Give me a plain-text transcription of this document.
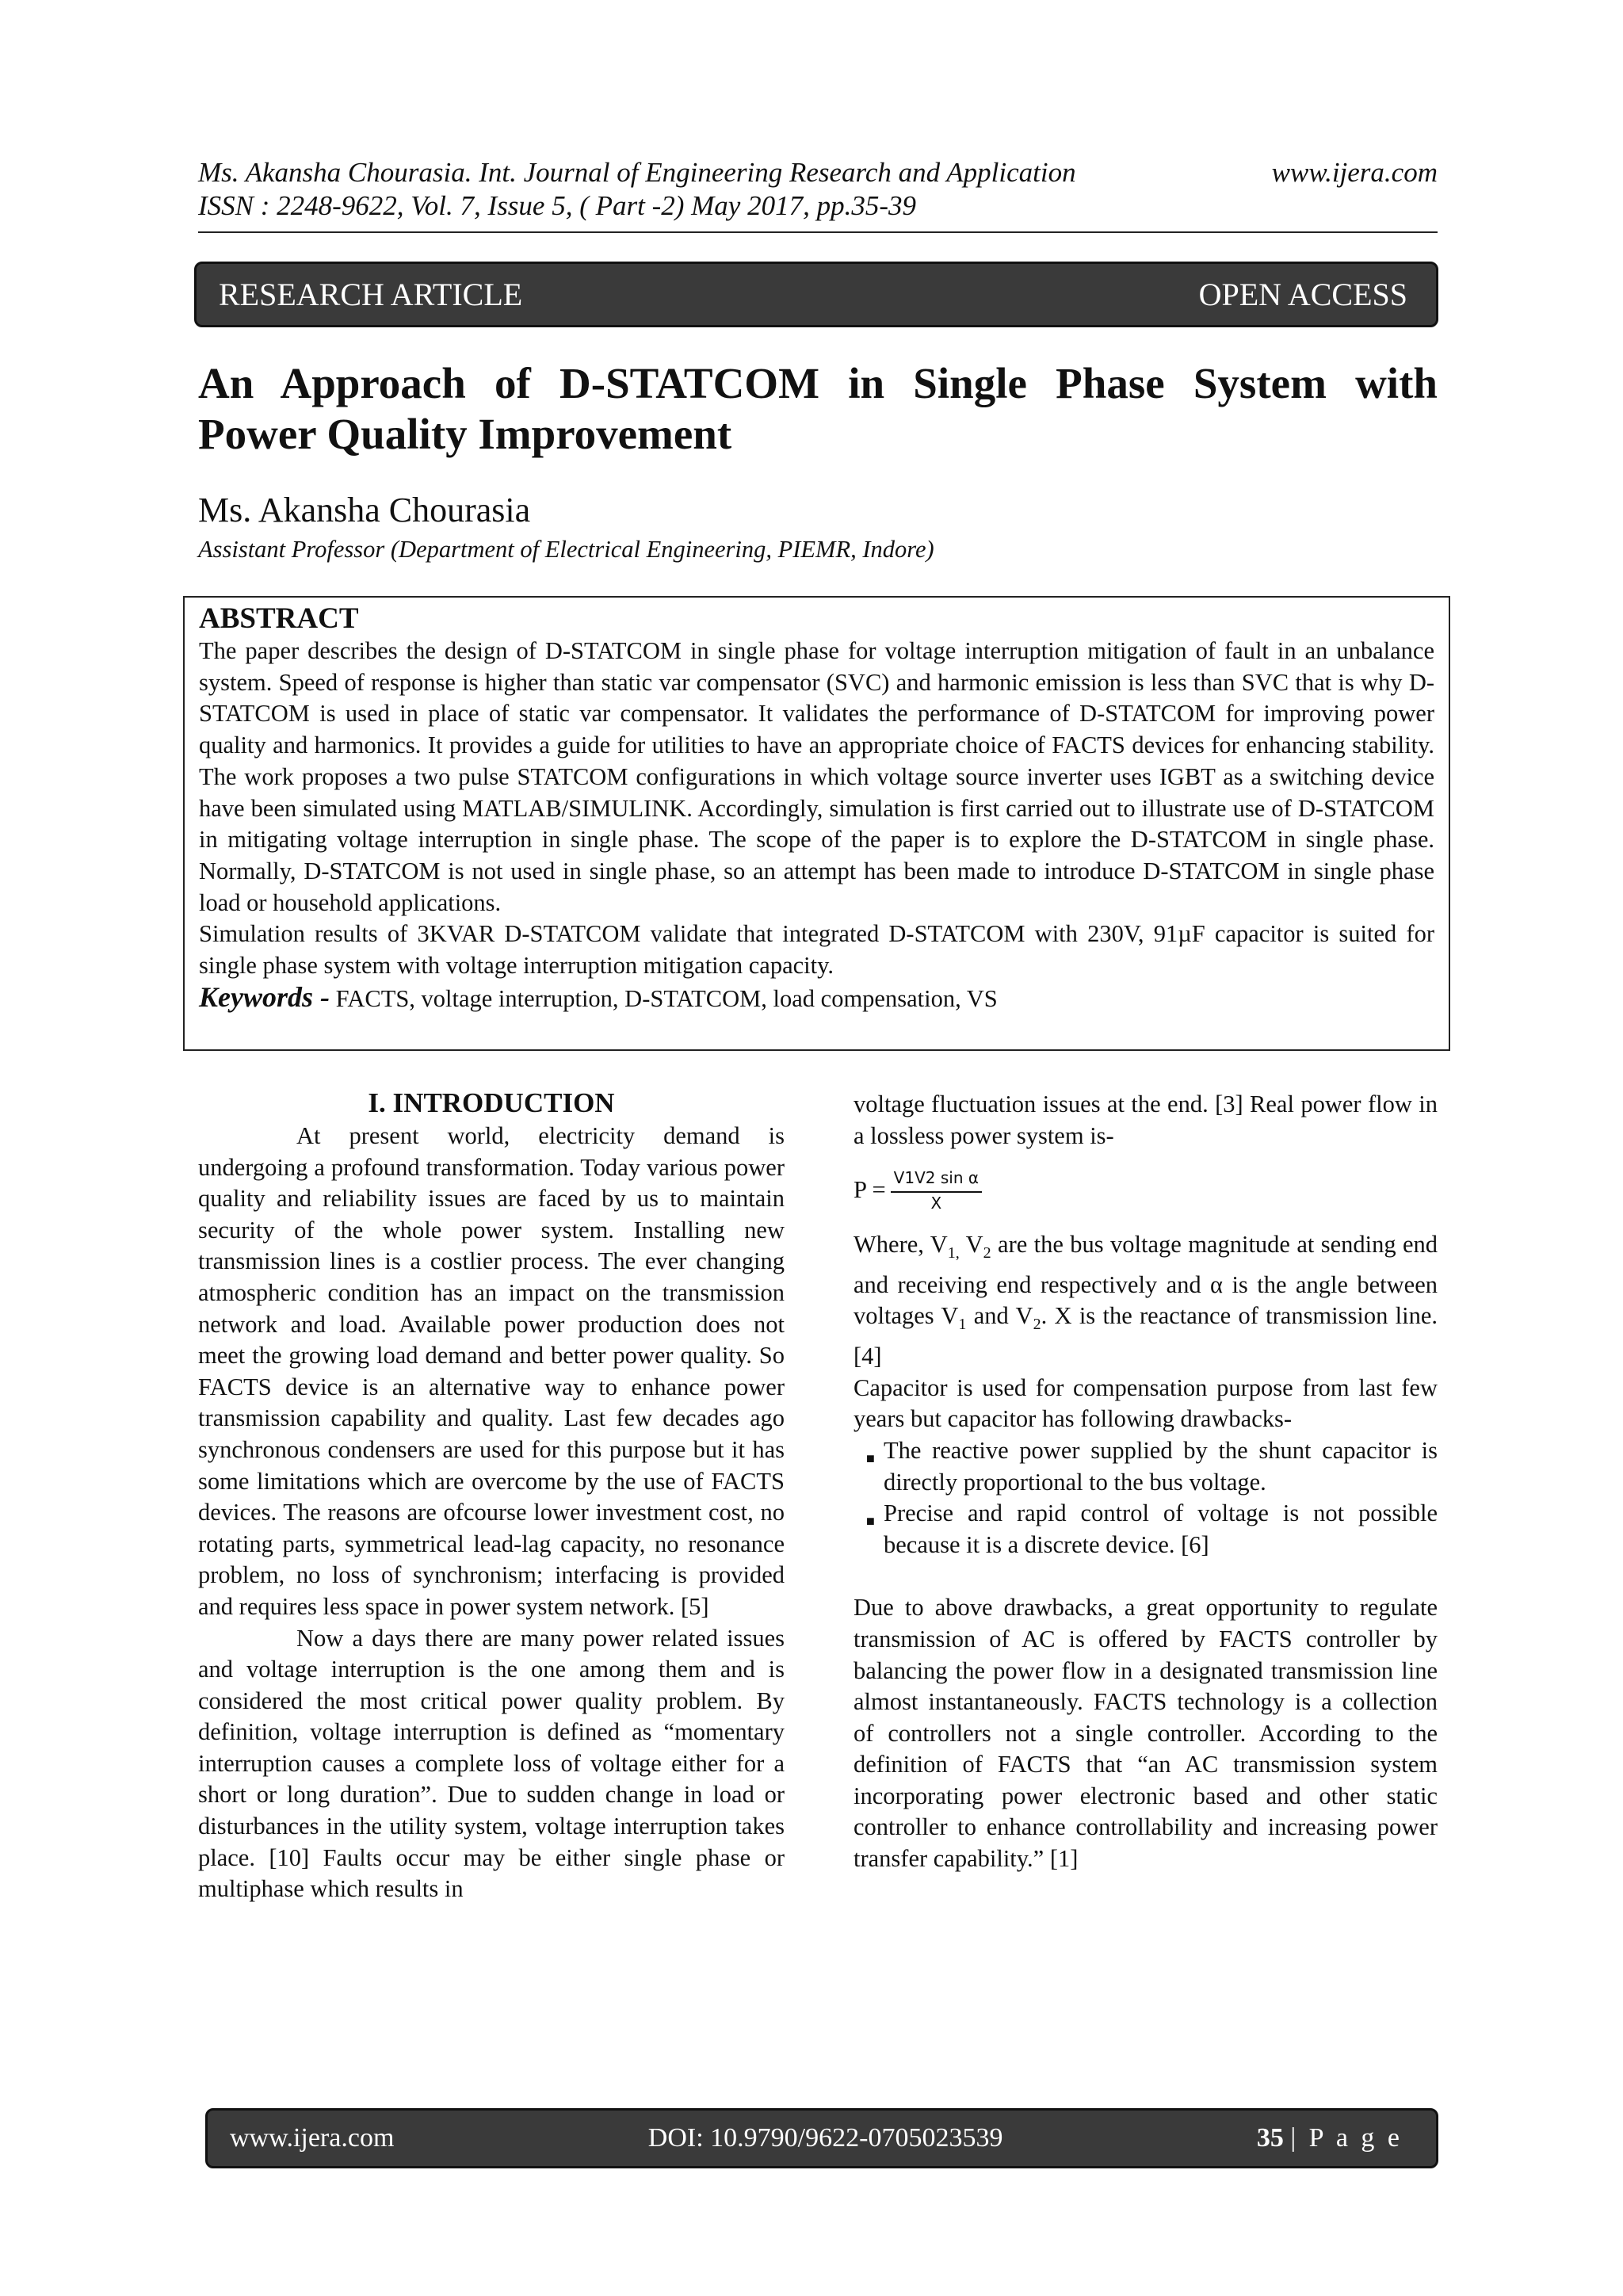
Ms. Akansha Chourasia. Int. Journal of Engineering Research and Application	www.ijera.com
ISSN : 2248-9622, Vol. 7, Issue 5, ( Part -2) May 2017, pp.35-39
RESEARCH ARTICLE	OPEN ACCESS
An Approach of D-STATCOM in Single Phase System with
Power Quality Improvement
Ms. Akansha Chourasia
Assistant Professor (Department of Electrical Engineering, PIEMR, Indore)
ABSTRACT

The paper describes the design of D-STATCOM in single phase for voltage interruption mitigation of fault in an unbalance system. Speed of response is higher than static var compensator (SVC) and harmonic emission is less than SVC that is why D-STATCOM is used in place of static var compensator. It validates the performance of D-STATCOM for improving power quality and harmonics. It provides a guide for utilities to have an appropriate choice of FACTS devices for enhancing stability. The work proposes a two pulse STATCOM configurations in which voltage source inverter uses IGBT as a switching device have been simulated using MATLAB/SIMULINK. Accordingly, simulation is first carried out to illustrate use of D-STATCOM in mitigating voltage interruption in single phase. The scope of the paper is to explore the D-STATCOM in single phase. Normally, D-STATCOM is not used in single phase, so an attempt has been made to introduce D-STATCOM in single phase load or household applications.

Simulation results of 3KVAR D-STATCOM validate that integrated D-STATCOM with 230V, 91µF capacitor is suited for single phase system with voltage interruption mitigation capacity.

Keywords - FACTS, voltage interruption, D-STATCOM, load compensation, VS

I. INTRODUCTION

At present world, electricity demand is undergoing a profound transformation. Today various power quality and reliability issues are faced by us to maintain security of the whole power system. Installing new transmission lines is a costlier process. The ever changing atmospheric condition has an impact on the transmission network and load. Available power production does not meet the growing load demand and better power quality. So FACTS device is an alternative way to enhance power transmission capability and quality. Last few decades ago synchronous condensers are used for this purpose but it has some limitations which are overcome by the use of FACTS devices. The reasons are ofcourse lower investment cost, no rotating parts, symmetrical lead-lag capacity, no resonance problem, no loss of synchronism; interfacing is provided and requires less space in power system network. [5]

Now a days there are many power related issues and voltage interruption is the one among them and is considered the most critical power quality problem. By definition, voltage interruption is defined as “momentary interruption causes a complete loss of voltage either for a short or long duration”. Due to sudden change in load or disturbances in the utility system, voltage interruption takes place. [10] Faults occur may be either single phase or multiphase which results in

voltage fluctuation issues at the end. [3] Real power flow in a lossless power system is-

$P = \frac{\text{V1V2 sin α}}{X}$

Where, $V_{1,}$ $V_2$ are the bus voltage magnitude at sending end and receiving end respectively and α is the angle between voltages $V_1$ and $V_2$. X is the reactance of transmission line. [4]

Capacitor is used for compensation purpose from last few years but capacitor has following drawbacks-

■ The reactive power supplied by the shunt capacitor is directly proportional to the bus voltage.
■ Precise and rapid control of voltage is not possible because it is a discrete device. [6]

Due to above drawbacks, a great opportunity to regulate transmission of AC is offered by FACTS controller by balancing the power flow in a designated transmission line almost instantaneously. FACTS technology is a collection of controllers not a single controller. According to the definition of FACTS that “an AC transmission system incorporating power electronic based and other static controller to enhance controllability and increasing power transfer capability.” [1]

www.ijera.com	DOI: 10.9790/9622-0705023539	35 | P a g e
